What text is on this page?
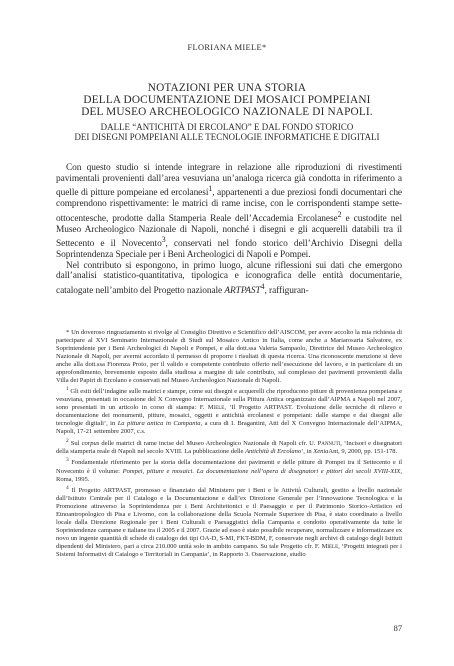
FLORIANA MIELE*
NOTAZIONI PER UNA STORIA
DELLA DOCUMENTAZIONE DEI MOSAICI POMPEIANI
DEL MUSEO ARCHEOLOGICO NAZIONALE DI NAPOLI.
DALLE “ANTICHITÀ DI ERCOLANO” E DAL FONDO STORICO
DEI DISEGNI POMPEIANI ALLE TECNOLOGIE INFORMATICHE E DIGITALI

Con questo studio si intende integrare in relazione alle riproduzioni di rivestimenti pavimentali provenienti dall’area vesuviana un’analoga ricerca già condotta in riferimento a quelle di pitture pompeiane ed ercolanesi$^1$, appartenenti a due preziosi fondi documentari che comprendono rispettivamente: le matrici di rame incise, con le corrispondenti stampe sette-ottocentesche, prodotte dalla Stamperia Reale dell’Accademia Ercolanese$^2$ e custodite nel Museo Archeologico Nazionale di Napoli, nonché i disegni e gli acquerelli databili tra il Settecento e il Novecento$^3$, conservati nel fondo storico dell’Archivio Disegni della Soprintendenza Speciale per i Beni Archeologici di Napoli e Pompei.

Nel contributo si espongono, in primo luogo, alcune riflessioni sui dati che emergono dall’analisi statistico-quantitativa, tipologica e iconografica delle entità documentarie, catalogate nell’ambito del Progetto nazionale ARTPAST$^4$, raffiguran-

* Un doveroso ringraziamento si rivolge al Consiglio Direttivo e Scientifico dell’AISCOM, per avere accolto la mia richiesta di partecipare al XVI Seminario Internazionale di Studi sul Mosaico Antico in Italia, come anche a Mariarosaria Salvatore, ex Soprintendente per i Beni Archeologici di Napoli e Pompei, e alla dott.ssa Valeria Sampaolo, Direttrice del Museo Archeologico Nazionale di Napoli, per avermi accordato il permesso di proporre i risultati di questa ricerca. Una riconoscente menzione si deve anche alla dott.ssa Fiorenza Proto, per il valido e competente contributo offerto nell’esecuzione del lavoro, e in particolare di un approfondimento, brevemente esposto dalla studiosa a margine di tale contributo, sul complesso dei pavimenti provenienti dalla Villa dei Papiri di Ercolano e conservati nel Museo Archeologico Nazionale di Napoli.

$^1$ Gli esiti dell’indagine sulle matrici e stampe, come sui disegni e acquerelli che riproducono pitture di provenienza pompeiana e vesuviana, presentati in occasione del X Convegno Internazionale sulla Pittura Antica organizzato dall’AIPMA a Napoli nel 2007, sono presentati in un articolo in corso di stampa: F. Miele, ‘Il Progetto ARTPAST. Evoluzione delle tecniche di rilievo e documentazione dei monumenti, pitture, mosaici, oggetti e antichità ercolanesi e pompeiani: dalle stampe e dai disegni alle tecnologie digitali’, in La pittura antica in Campania, a cura di I. Bragantini, Atti del X Convegno Internazionale dell’AIPMA, Napoli, 17-21 settembre 2007, c.s.

$^2$ Sul corpus delle matrici di rame incise del Museo Archeologico Nazionale di Napoli cfr. U. Pannuti, ‘Incisori e disegnatori della stamperia reale di Napoli nel secolo XVIII. La pubblicazione delle Antichità di Ercolano’, in XeniaAnt, 9, 2000, pp. 151-178.

$^3$ Fondamentale riferimento per la storia della documentazione dei pavimenti e delle pitture di Pompei tra il Settecento e il Novecento è il volume: Pompei, pitture e mosaici. La documentazione nell’opera di disegnatori e pittori dei secoli XVIII-XIX, Roma, 1995.

$^4$ Il Progetto ARTPAST, promosso e finanziato dal Ministero per i Beni e le Attività Culturali, gestito a livello nazionale dall’Istituto Centrale per il Catalogo e la Documentazione e dall’ex Direzione Generale per l’Innovazione Tecnologica e la Promozione attraverso la Soprintendenza per i Beni Architettonici e il Paesaggio e per il Patrimonio Storico-Artistico ed Etnoantropologico di Pisa e Livorno, con la collaborazione della Scuola Normale Superiore di Pisa, è stato coordinato a livello locale dalla Direzione Regionale per i Beni Culturali e Paesaggistici della Campania e condotto operativamente da tutte le Soprintendenze campane e italiane tra il 2005 e il 2007. Grazie ad esso è stato possibile recuperare, normalizzare e informatizzare ex novo un ingente quantità di schede di catalogo dei tipi OA-D, S-MI, FKT-BDM, F, conservate negli archivi di catalogo degli Istituti dipendenti del Ministero, pari a circa 210.000 unità solo in ambito campano. Su tale Progetto cfr. F. Miele, ‘Progetti integrati per i Sistemi Informativi di Catalogo e Territoriali in Campania’, in Rapporto 3. Osservazione, studio

87
